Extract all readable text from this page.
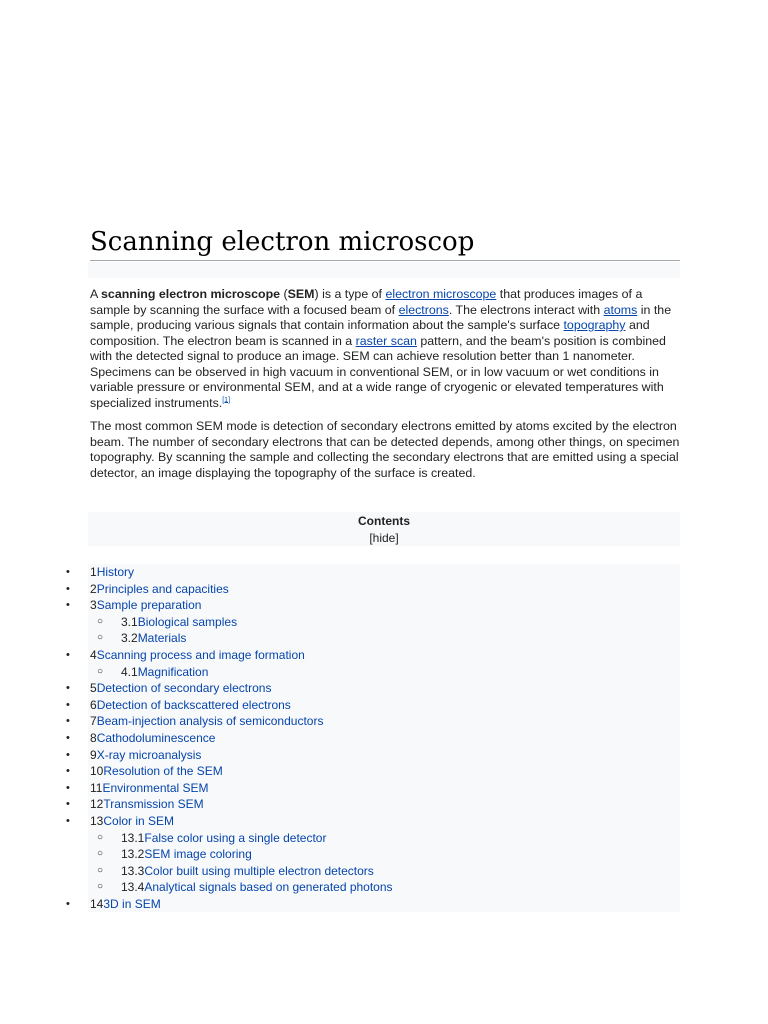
Scanning electron microscop

A scanning electron microscope (SEM) is a type of electron microscope that produces images of a sample by scanning the surface with a focused beam of electrons. The electrons interact with atoms in the sample, producing various signals that contain information about the sample's surface topography and composition. The electron beam is scanned in a raster scan pattern, and the beam's position is combined with the detected signal to produce an image. SEM can achieve resolution better than 1 nanometer. Specimens can be observed in high vacuum in conventional SEM, or in low vacuum or wet conditions in variable pressure or environmental SEM, and at a wide range of cryogenic or elevated temperatures with specialized instruments.[1]

The most common SEM mode is detection of secondary electrons emitted by atoms excited by the electron beam. The number of secondary electrons that can be detected depends, among other things, on specimen topography. By scanning the sample and collecting the secondary electrons that are emitted using a special detector, an image displaying the topography of the surface is created.

Contents
[hide]
• 1History
• 2Principles and capacities
• 3Sample preparation
○ 3.1Biological samples
○ 3.2Materials
• 4Scanning process and image formation
○ 4.1Magnification
• 5Detection of secondary electrons
• 6Detection of backscattered electrons
• 7Beam-injection analysis of semiconductors
• 8Cathodoluminescence
• 9X-ray microanalysis
• 10Resolution of the SEM
• 11Environmental SEM
• 12Transmission SEM
• 13Color in SEM
○ 13.1False color using a single detector
○ 13.2SEM image coloring
○ 13.3Color built using multiple electron detectors
○ 13.4Analytical signals based on generated photons
• 143D in SEM
